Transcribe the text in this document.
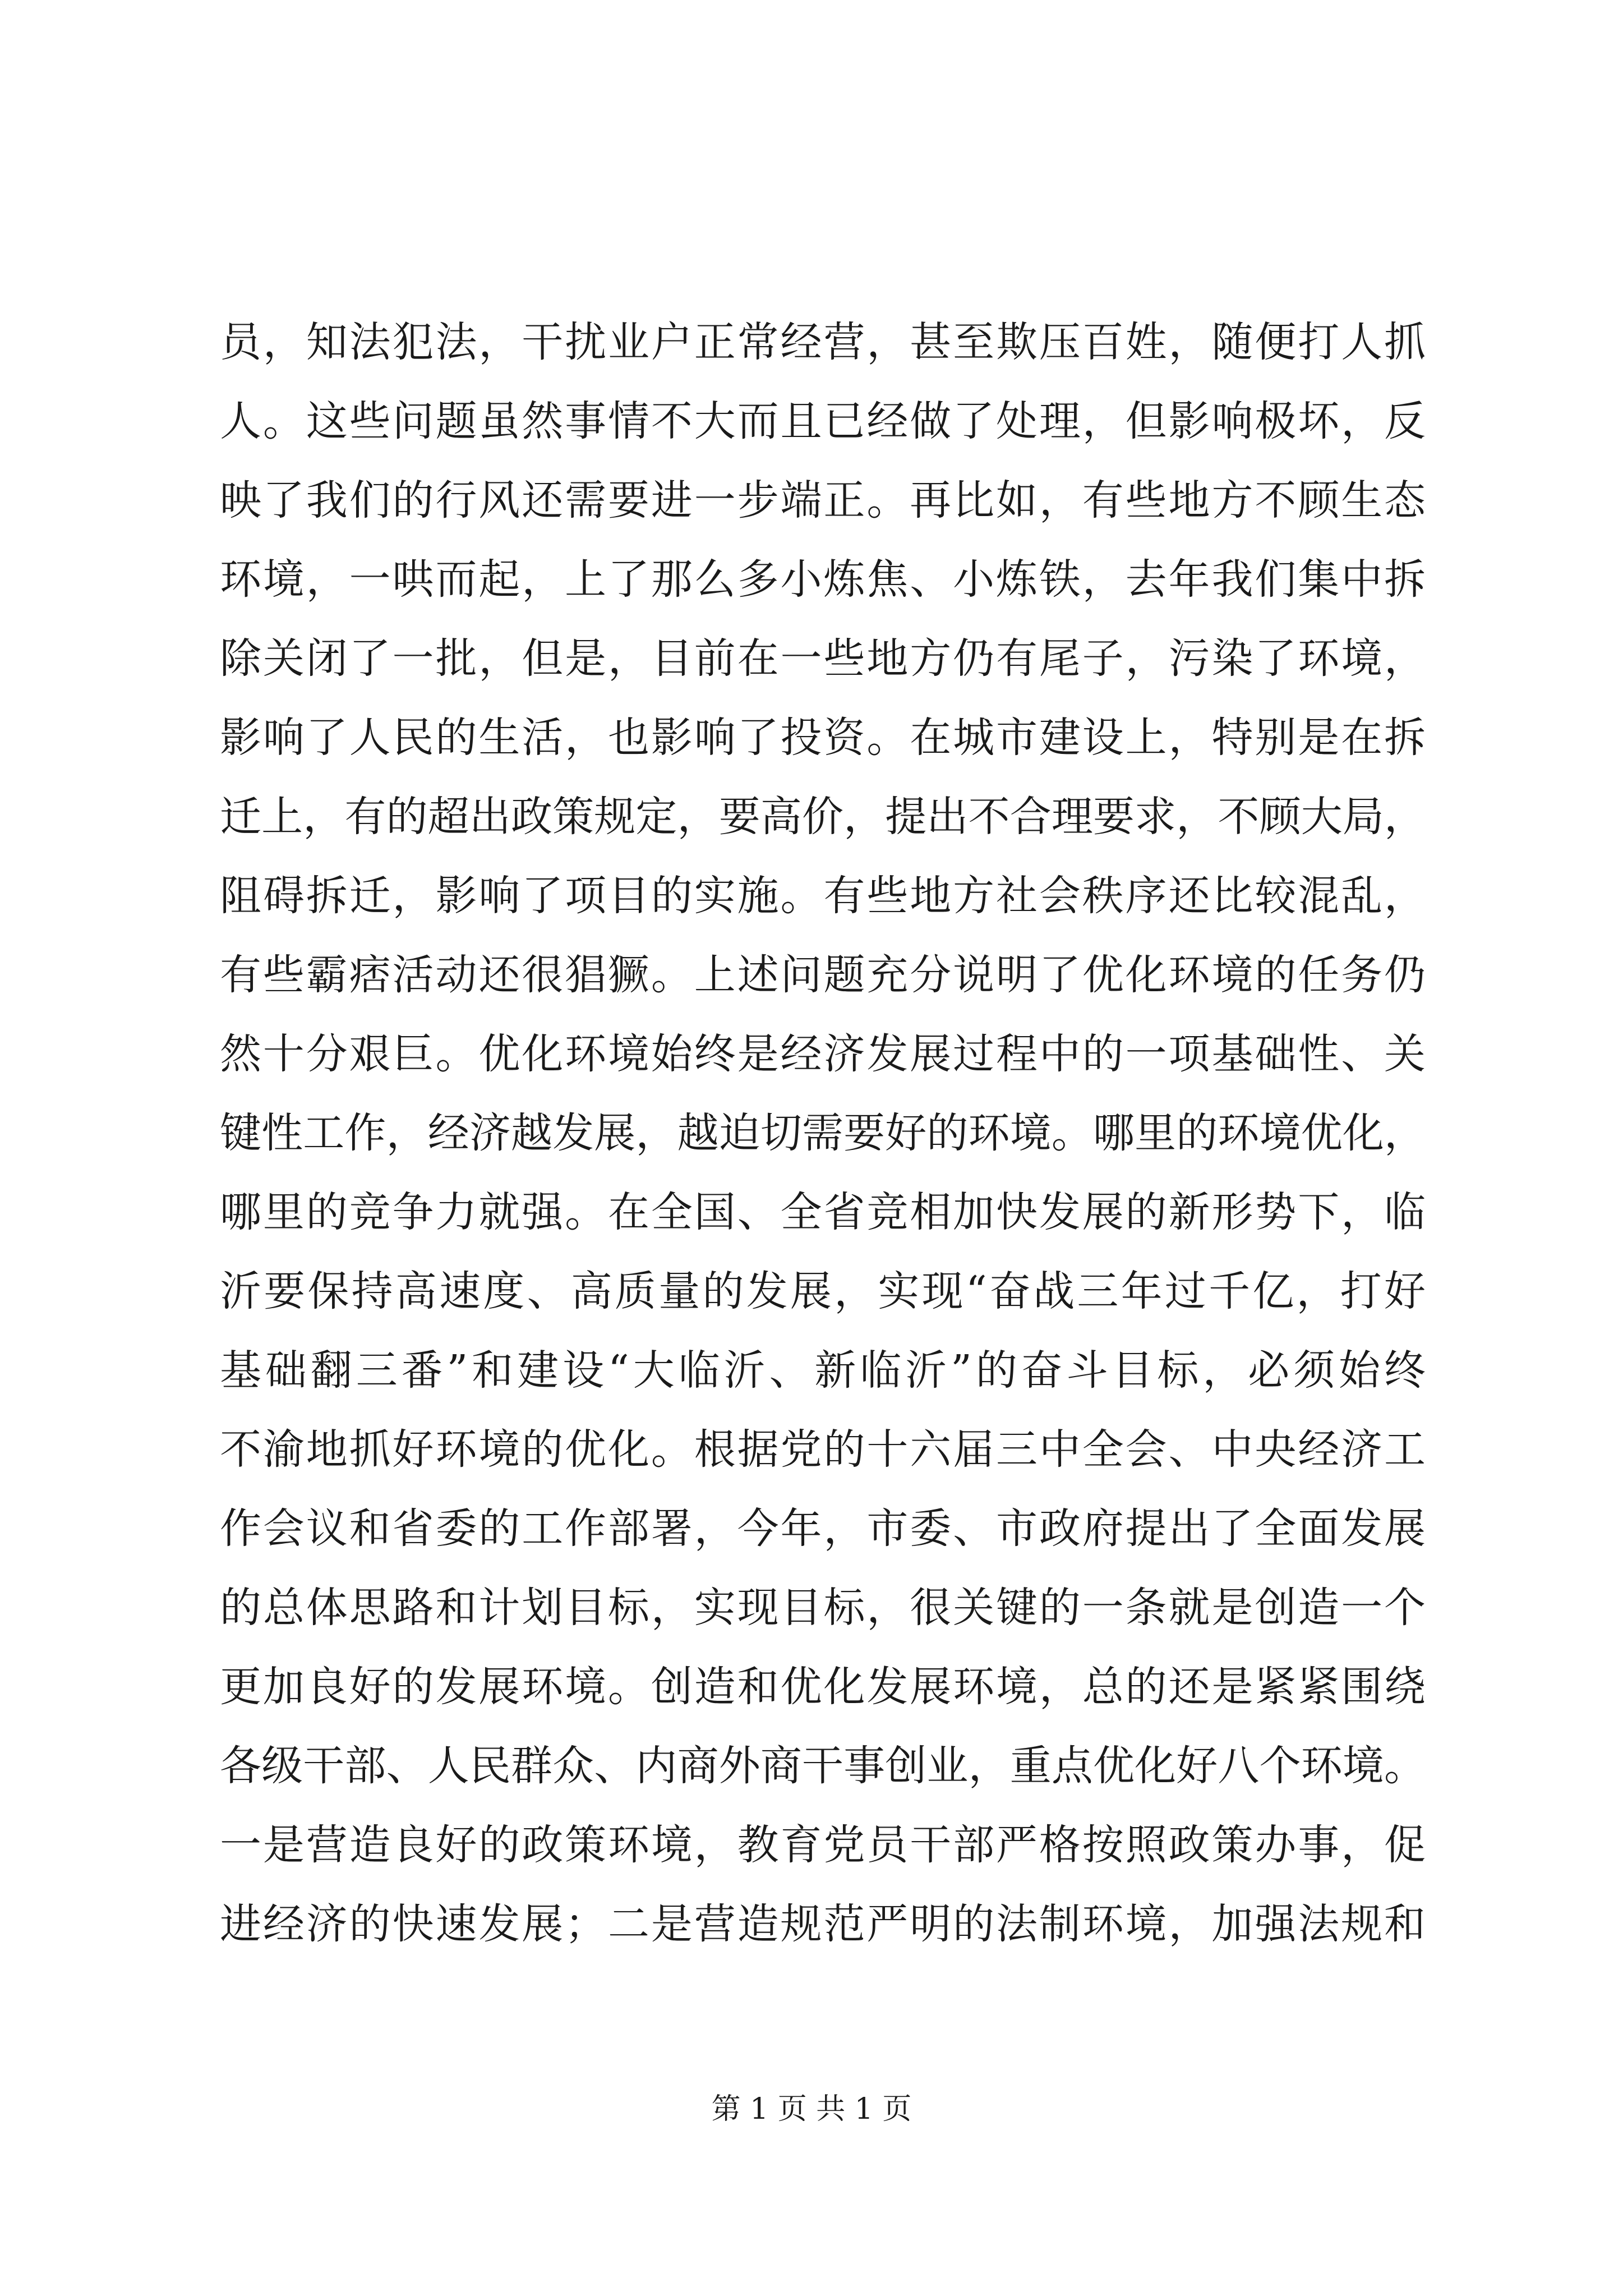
员，知法犯法，干扰业户正常经营，甚至欺压百姓，随便打人抓
人。这些问题虽然事情不大而且已经做了处理，但影响极坏，反
映了我们的行风还需要进一步端正。再比如，有些地方不顾生态
环境，一哄而起，上了那么多小炼焦、小炼铁，去年我们集中拆
除关闭了一批，但是，目前在一些地方仍有尾子，污染了环境，
影响了人民的生活，也影响了投资。在城市建设上，特别是在拆
迁上，有的超出政策规定，要高价，提出不合理要求，不顾大局，
阻碍拆迁，影响了项目的实施。有些地方社会秩序还比较混乱，
有些霸痞活动还很猖獗。上述问题充分说明了优化环境的任务仍
然十分艰巨。优化环境始终是经济发展过程中的一项基础性、关
键性工作，经济越发展，越迫切需要好的环境。哪里的环境优化，
哪里的竞争力就强。在全国、全省竞相加快发展的新形势下，临
沂要保持高速度、高质量的发展，实现“奋战三年过千亿，打好
基础翻三番”和建设“大临沂、新临沂”的奋斗目标，必须始终
不渝地抓好环境的优化。根据党的十六届三中全会、中央经济工
作会议和省委的工作部署，今年，市委、市政府提出了全面发展
的总体思路和计划目标，实现目标，很关键的一条就是创造一个
更加良好的发展环境。创造和优化发展环境，总的还是紧紧围绕
各级干部、人民群众、内商外商干事创业，重点优化好八个环境。
一是营造良好的政策环境，教育党员干部严格按照政策办事，促
进经济的快速发展；二是营造规范严明的法制环境，加强法规和
第 1 页 共 1 页
